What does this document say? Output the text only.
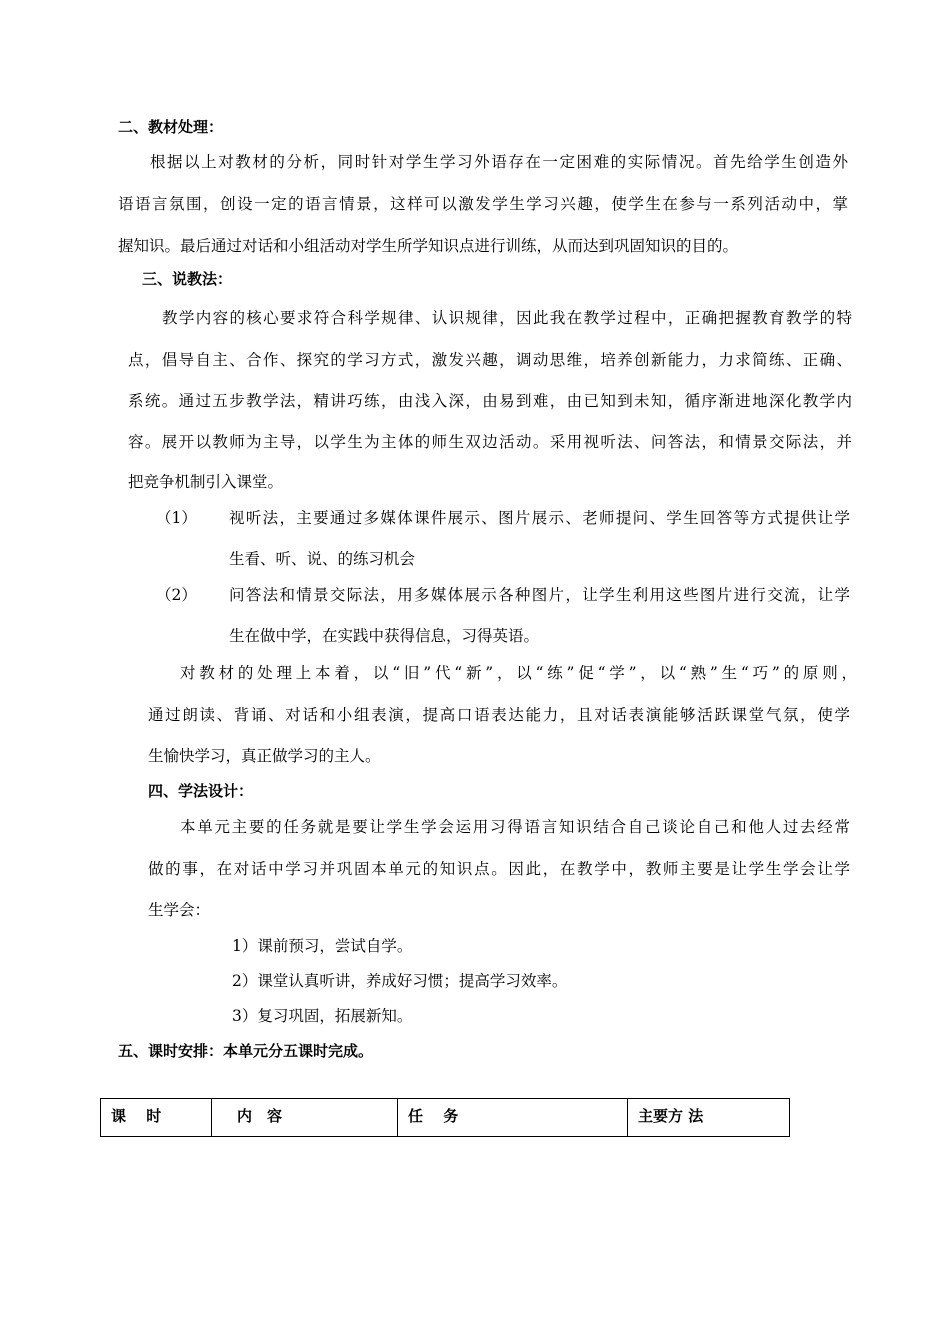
二、教材处理：
根据以上对教材的分析，同时针对学生学习外语存在一定困难的实际情况。首先给学生创造外
语语言氛围，创设一定的语言情景，这样可以激发学生学习兴趣，使学生在参与一系列活动中，掌
握知识。最后通过对话和小组活动对学生所学知识点进行训练，从而达到巩固知识的目的。
三、说教法：
教学内容的核心要求符合科学规律、认识规律，因此我在教学过程中，正确把握教育教学的特
点，倡导自主、合作、探究的学习方式，激发兴趣，调动思维，培养创新能力，力求简练、正确、
系统。通过五步教学法，精讲巧练，由浅入深，由易到难，由已知到未知，循序渐进地深化教学内
容。展开以教师为主导，以学生为主体的师生双边活动。采用视听法、问答法，和情景交际法，并
把竞争机制引入课堂。
（1） 视听法，主要通过多媒体课件展示、图片展示、老师提问、学生回答等方式提供让学
生看、听、说、的练习机会
（2） 问答法和情景交际法，用多媒体展示各种图片，让学生利用这些图片进行交流，让学
生在做中学，在实践中获得信息，习得英语。
对教材的处理上本着，以“旧”代“新”，以“练”促“学”，以“熟”生“巧”的原则，
通过朗读、背诵、对话和小组表演，提高口语表达能力，且对话表演能够活跃课堂气氛，使学
生愉快学习，真正做学习的主人。
四、学法设计：
本单元主要的任务就是要让学生学会运用习得语言知识结合自己谈论自己和他人过去经常
做的事，在对话中学习并巩固本单元的知识点。因此，在教学中，教师主要是让学生学会让学
生学会：
1）课前预习，尝试自学。
2）课堂认真听讲，养成好习惯；提高学习效率。
3）复习巩固，拓展新知。
五、课时安排：本单元分五课时完成。
课　 时	内　容	任　 务	主要方 法
